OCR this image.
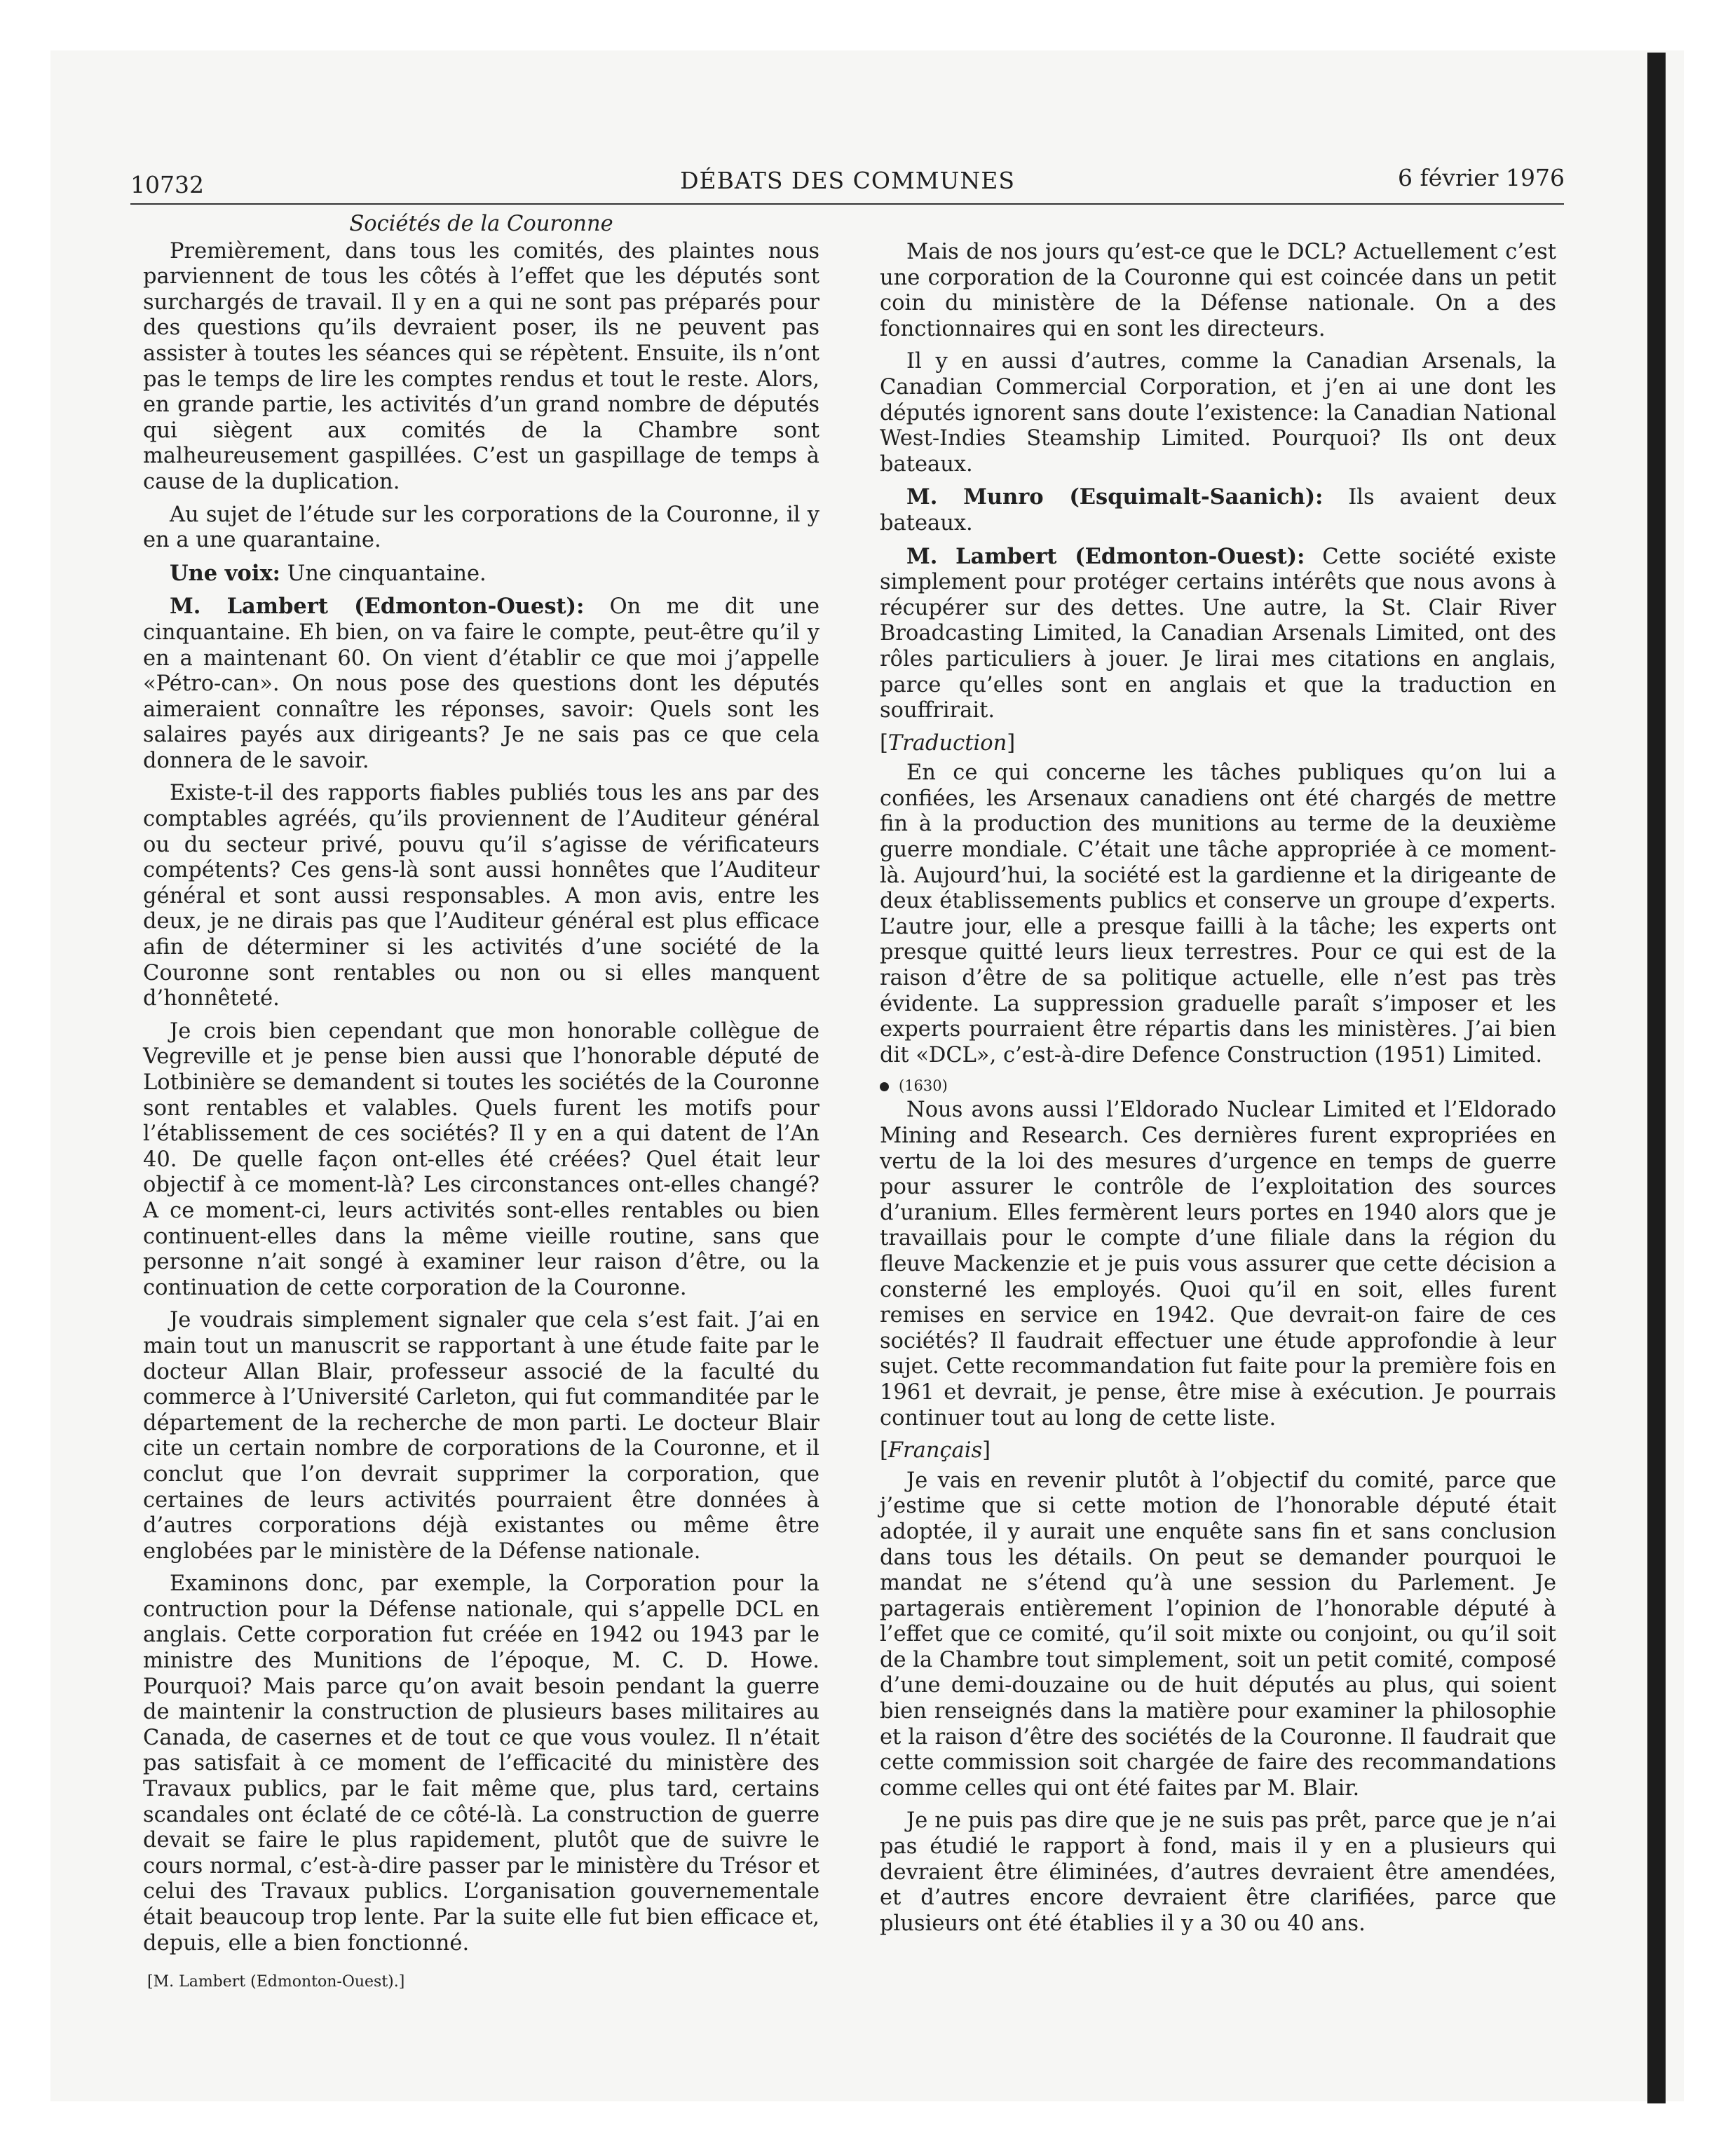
10732	DÉBATS DES COMMUNES	6 février 1976
Sociétés de la Couronne

Premièrement, dans tous les comités, des plaintes nous parviennent de tous les côtés à l’effet que les députés sont surchargés de travail. Il y en a qui ne sont pas préparés pour des questions qu’ils devraient poser, ils ne peuvent pas assister à toutes les séances qui se répètent. Ensuite, ils n’ont pas le temps de lire les comptes rendus et tout le reste. Alors, en grande partie, les activités d’un grand nombre de députés qui siègent aux comités de la Chambre sont malheureusement gaspillées. C’est un gaspillage de temps à cause de la duplication.

Au sujet de l’étude sur les corporations de la Couronne, il y en a une quarantaine.

Une voix: Une cinquantaine.

M. Lambert (Edmonton-Ouest): On me dit une cinquantaine. Eh bien, on va faire le compte, peut-être qu’il y en a maintenant 60. On vient d’établir ce que moi j’appelle «Pétro-can». On nous pose des questions dont les députés aimeraient connaître les réponses, savoir: Quels sont les salaires payés aux dirigeants? Je ne sais pas ce que cela donnera de le savoir.

Existe-t-il des rapports fiables publiés tous les ans par des comptables agréés, qu’ils proviennent de l’Auditeur général ou du secteur privé, pouvu qu’il s’agisse de vérificateurs compétents? Ces gens-là sont aussi honnêtes que l’Auditeur général et sont aussi responsables. A mon avis, entre les deux, je ne dirais pas que l’Auditeur général est plus efficace afin de déterminer si les activités d’une société de la Couronne sont rentables ou non ou si elles manquent d’honnêteté.

Je crois bien cependant que mon honorable collègue de Vegreville et je pense bien aussi que l’honorable député de Lotbinière se demandent si toutes les sociétés de la Couronne sont rentables et valables. Quels furent les motifs pour l’établissement de ces sociétés? Il y en a qui datent de l’An 40. De quelle façon ont-elles été créées? Quel était leur objectif à ce moment-là? Les circonstances ont-elles changé? A ce moment-ci, leurs activités sont-elles rentables ou bien continuent-elles dans la même vieille routine, sans que personne n’ait songé à examiner leur raison d’être, ou la continuation de cette corporation de la Couronne.

Je voudrais simplement signaler que cela s’est fait. J’ai en main tout un manuscrit se rapportant à une étude faite par le docteur Allan Blair, professeur associé de la faculté du commerce à l’Université Carleton, qui fut commanditée par le département de la recherche de mon parti. Le docteur Blair cite un certain nombre de corporations de la Couronne, et il conclut que l’on devrait supprimer la corporation, que certaines de leurs activités pourraient être données à d’autres corporations déjà existantes ou même être englobées par le ministère de la Défense nationale.

Examinons donc, par exemple, la Corporation pour la contruction pour la Défense nationale, qui s’appelle DCL en anglais. Cette corporation fut créée en 1942 ou 1943 par le ministre des Munitions de l’époque, M. C. D. Howe. Pourquoi? Mais parce qu’on avait besoin pendant la guerre de maintenir la construction de plusieurs bases militaires au Canada, de casernes et de tout ce que vous voulez. Il n’était pas satisfait à ce moment de l’efficacité du ministère des Travaux publics, par le fait même que, plus tard, certains scandales ont éclaté de ce côté-là. La construction de guerre devait se faire le plus rapidement, plutôt que de suivre le cours normal, c’est-à-dire passer par le ministère du Trésor et celui des Travaux publics. L’organisation gouvernementale était beaucoup trop lente. Par la suite elle fut bien efficace et, depuis, elle a bien fonctionné.

[M. Lambert (Edmonton-Ouest).]

Mais de nos jours qu’est-ce que le DCL? Actuellement c’est une corporation de la Couronne qui est coincée dans un petit coin du ministère de la Défense nationale. On a des fonctionnaires qui en sont les directeurs.

Il y en aussi d’autres, comme la Canadian Arsenals, la Canadian Commercial Corporation, et j’en ai une dont les députés ignorent sans doute l’existence: la Canadian National West-Indies Steamship Limited. Pourquoi? Ils ont deux bateaux.

M. Munro (Esquimalt-Saanich): Ils avaient deux bateaux.

M. Lambert (Edmonton-Ouest): Cette société existe simplement pour protéger certains intérêts que nous avons à récupérer sur des dettes. Une autre, la St. Clair River Broadcasting Limited, la Canadian Arsenals Limited, ont des rôles particuliers à jouer. Je lirai mes citations en anglais, parce qu’elles sont en anglais et que la traduction en souffrirait.

[Traduction]

En ce qui concerne les tâches publiques qu’on lui a confiées, les Arsenaux canadiens ont été chargés de mettre fin à la production des munitions au terme de la deuxième guerre mondiale. C’était une tâche appropriée à ce moment-là. Aujourd’hui, la société est la gardienne et la dirigeante de deux établissements publics et conserve un groupe d’experts. L’autre jour, elle a presque failli à la tâche; les experts ont presque quitté leurs lieux terrestres. Pour ce qui est de la raison d’être de sa politique actuelle, elle n’est pas très évidente. La suppression graduelle paraît s’imposer et les experts pourraient être répartis dans les ministères. J’ai bien dit «DCL», c’est-à-dire Defence Construction (1951) Limited.

(1630)

Nous avons aussi l’Eldorado Nuclear Limited et l’Eldorado Mining and Research. Ces dernières furent expropriées en vertu de la loi des mesures d’urgence en temps de guerre pour assurer le contrôle de l’exploitation des sources d’uranium. Elles fermèrent leurs portes en 1940 alors que je travaillais pour le compte d’une filiale dans la région du fleuve Mackenzie et je puis vous assurer que cette décision a consterné les employés. Quoi qu’il en soit, elles furent remises en service en 1942. Que devrait-on faire de ces sociétés? Il faudrait effectuer une étude approfondie à leur sujet. Cette recommandation fut faite pour la première fois en 1961 et devrait, je pense, être mise à exécution. Je pourrais continuer tout au long de cette liste.

[Français]

Je vais en revenir plutôt à l’objectif du comité, parce que j’estime que si cette motion de l’honorable député était adoptée, il y aurait une enquête sans fin et sans conclusion dans tous les détails. On peut se demander pourquoi le mandat ne s’étend qu’à une session du Parlement. Je partagerais entièrement l’opinion de l’honorable député à l’effet que ce comité, qu’il soit mixte ou conjoint, ou qu’il soit de la Chambre tout simplement, soit un petit comité, composé d’une demi-douzaine ou de huit députés au plus, qui soient bien renseignés dans la matière pour examiner la philosophie et la raison d’être des sociétés de la Couronne. Il faudrait que cette commission soit chargée de faire des recommandations comme celles qui ont été faites par M. Blair.

Je ne puis pas dire que je ne suis pas prêt, parce que je n’ai pas étudié le rapport à fond, mais il y en a plusieurs qui devraient être éliminées, d’autres devraient être amendées, et d’autres encore devraient être clarifiées, parce que plusieurs ont été établies il y a 30 ou 40 ans.
